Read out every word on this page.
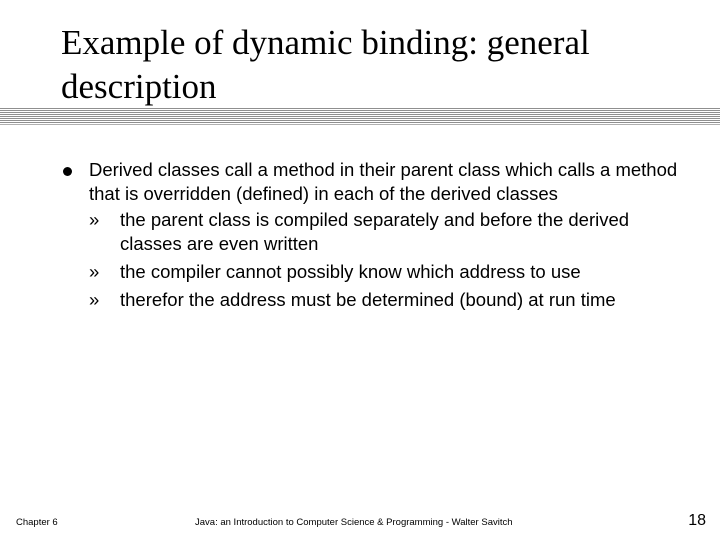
Example of dynamic binding: general description
Derived classes call a method in their parent class which calls a method that is overridden (defined) in each of the derived classes
» the parent class is compiled separately and before the derived classes are even written
» the compiler cannot possibly know which address to use
» therefor the address must be determined (bound) at run time
Chapter 6	Java: an Introduction to Computer Science & Programming - Walter Savitch	18
